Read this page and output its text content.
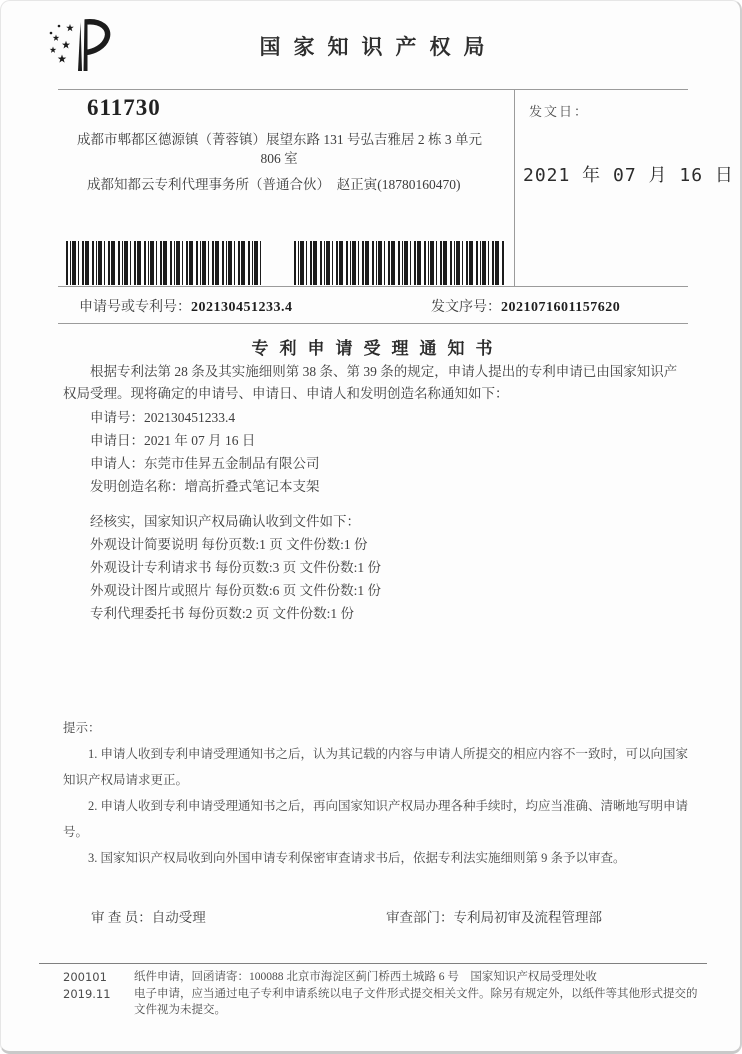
国家知识产权局
611730
成都市郫都区德源镇（菁蓉镇）展望东路 131 号弘吉雅居 2 栋 3 单元
806 室
成都知都云专利代理事务所（普通合伙）　赵正寅(18780160470)
发文日：
2021 年 07 月 16 日
申请号或专利号：202130451233.4	发文序号：2021071601157620
专利申请受理通知书

根据专利法第 28 条及其实施细则第 38 条、第 39 条的规定，申请人提出的专利申请已由国家知识产权局受理。现将确定的申请号、申请日、申请人和发明创造名称通知如下：

申请号：202130451233.4
申请日：2021 年 07 月 16 日
申请人：东莞市佳昇五金制品有限公司
发明创造名称：增高折叠式笔记本支架
经核实，国家知识产权局确认收到文件如下：
外观设计简要说明 每份页数:1 页 文件份数:1 份
外观设计专利请求书 每份页数:3 页 文件份数:1 份
外观设计图片或照片 每份页数:6 页 文件份数:1 份
专利代理委托书 每份页数:2 页 文件份数:1 份
提示：
1. 申请人收到专利申请受理通知书之后，认为其记载的内容与申请人所提交的相应内容不一致时，可以向国家知识产权局请求更正。
2. 申请人收到专利申请受理通知书之后，再向国家知识产权局办理各种手续时，均应当准确、清晰地写明申请号。
3. 国家知识产权局收到向外国申请专利保密审查请求书后，依据专利法实施细则第 9 条予以审查。
审 查 员：自动受理	审查部门：专利局初审及流程管理部
200101
2019.11
纸件申请，回函请寄：100088 北京市海淀区蓟门桥西土城路 6 号　国家知识产权局受理处收
电子申请，应当通过电子专利申请系统以电子文件形式提交相关文件。除另有规定外，以纸件等其他形式提交的文件视为未提交。
